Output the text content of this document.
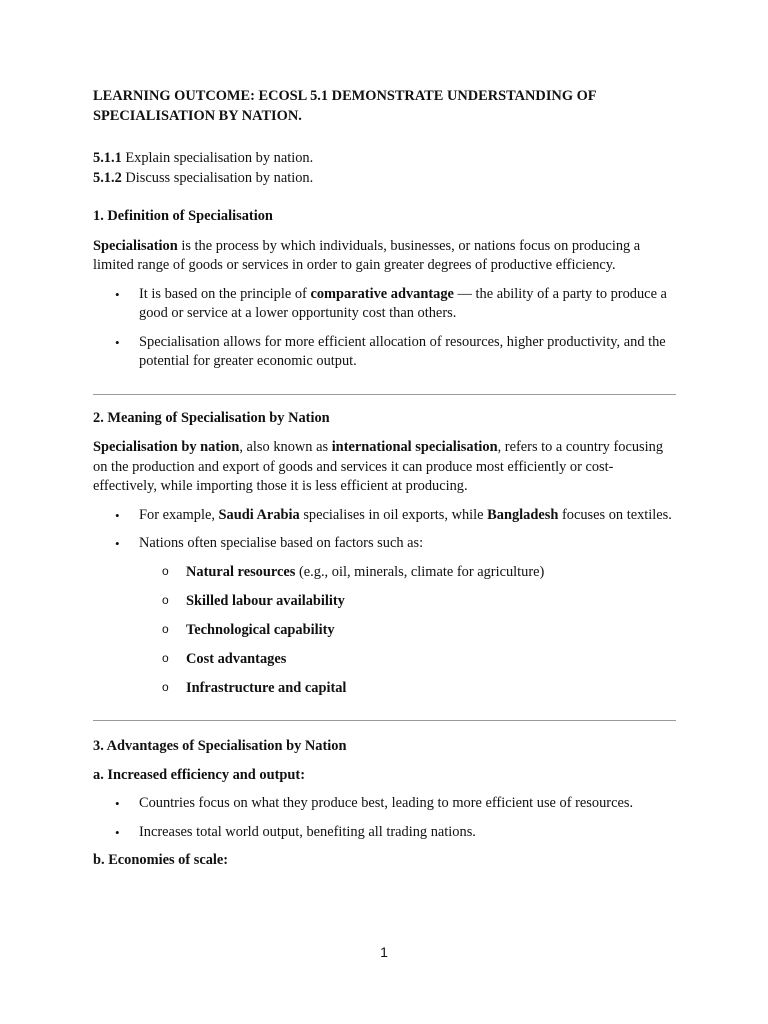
LEARNING OUTCOME: ECOSL 5.1 DEMONSTRATE UNDERSTANDING OF SPECIALISATION BY NATION.

5.1.1 Explain specialisation by nation.

5.1.2 Discuss specialisation by nation.

1. Definition of Specialisation

Specialisation is the process by which individuals, businesses, or nations focus on producing a limited range of goods or services in order to gain greater degrees of productive efficiency.

• It is based on the principle of comparative advantage — the ability of a party to produce a good or service at a lower opportunity cost than others.
• Specialisation allows for more efficient allocation of resources, higher productivity, and the potential for greater economic output.

2. Meaning of Specialisation by Nation

Specialisation by nation, also known as international specialisation, refers to a country focusing on the production and export of goods and services it can produce most efficiently or cost-effectively, while importing those it is less efficient at producing.

• For example, Saudi Arabia specialises in oil exports, while Bangladesh focuses on textiles.
• Nations often specialise based on factors such as:
o Natural resources (e.g., oil, minerals, climate for agriculture)
o Skilled labour availability
o Technological capability
o Cost advantages
o Infrastructure and capital

3. Advantages of Specialisation by Nation

a. Increased efficiency and output:

• Countries focus on what they produce best, leading to more efficient use of resources.
• Increases total world output, benefiting all trading nations.

b. Economies of scale:

1
